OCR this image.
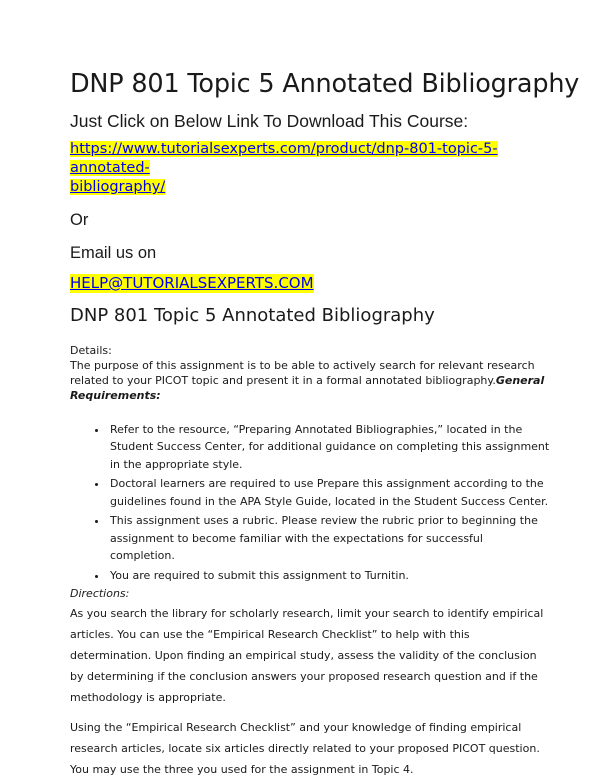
DNP 801 Topic 5 Annotated Bibliography
Just Click on Below Link To Download This Course:
https://www.tutorialsexperts.com/product/dnp-801-topic-5-annotated-
bibliography/
Or
Email us on
HELP@TUTORIALSEXPERTS.COM
DNP 801 Topic 5 Annotated Bibliography
Details:
The purpose of this assignment is to be able to actively search for relevant research related to your PICOT topic and present it in a formal annotated bibliography.General Requirements:
• Refer to the resource, “Preparing Annotated Bibliographies,” located in the Student Success Center, for additional guidance on completing this assignment in the appropriate style.
• Doctoral learners are required to use Prepare this assignment according to the guidelines found in the APA Style Guide, located in the Student Success Center.
• This assignment uses a rubric. Please review the rubric prior to beginning the assignment to become familiar with the expectations for successful completion.
• You are required to submit this assignment to Turnitin.
Directions:
As you search the library for scholarly research, limit your search to identify empirical articles. You can use the “Empirical Research Checklist” to help with this determination. Upon finding an empirical study, assess the validity of the conclusion by determining if the conclusion answers your proposed research question and if the methodology is appropriate.
Using the “Empirical Research Checklist” and your knowledge of finding empirical research articles, locate six articles directly related to your proposed PICOT question. You may use the three you used for the assignment in Topic 4.
